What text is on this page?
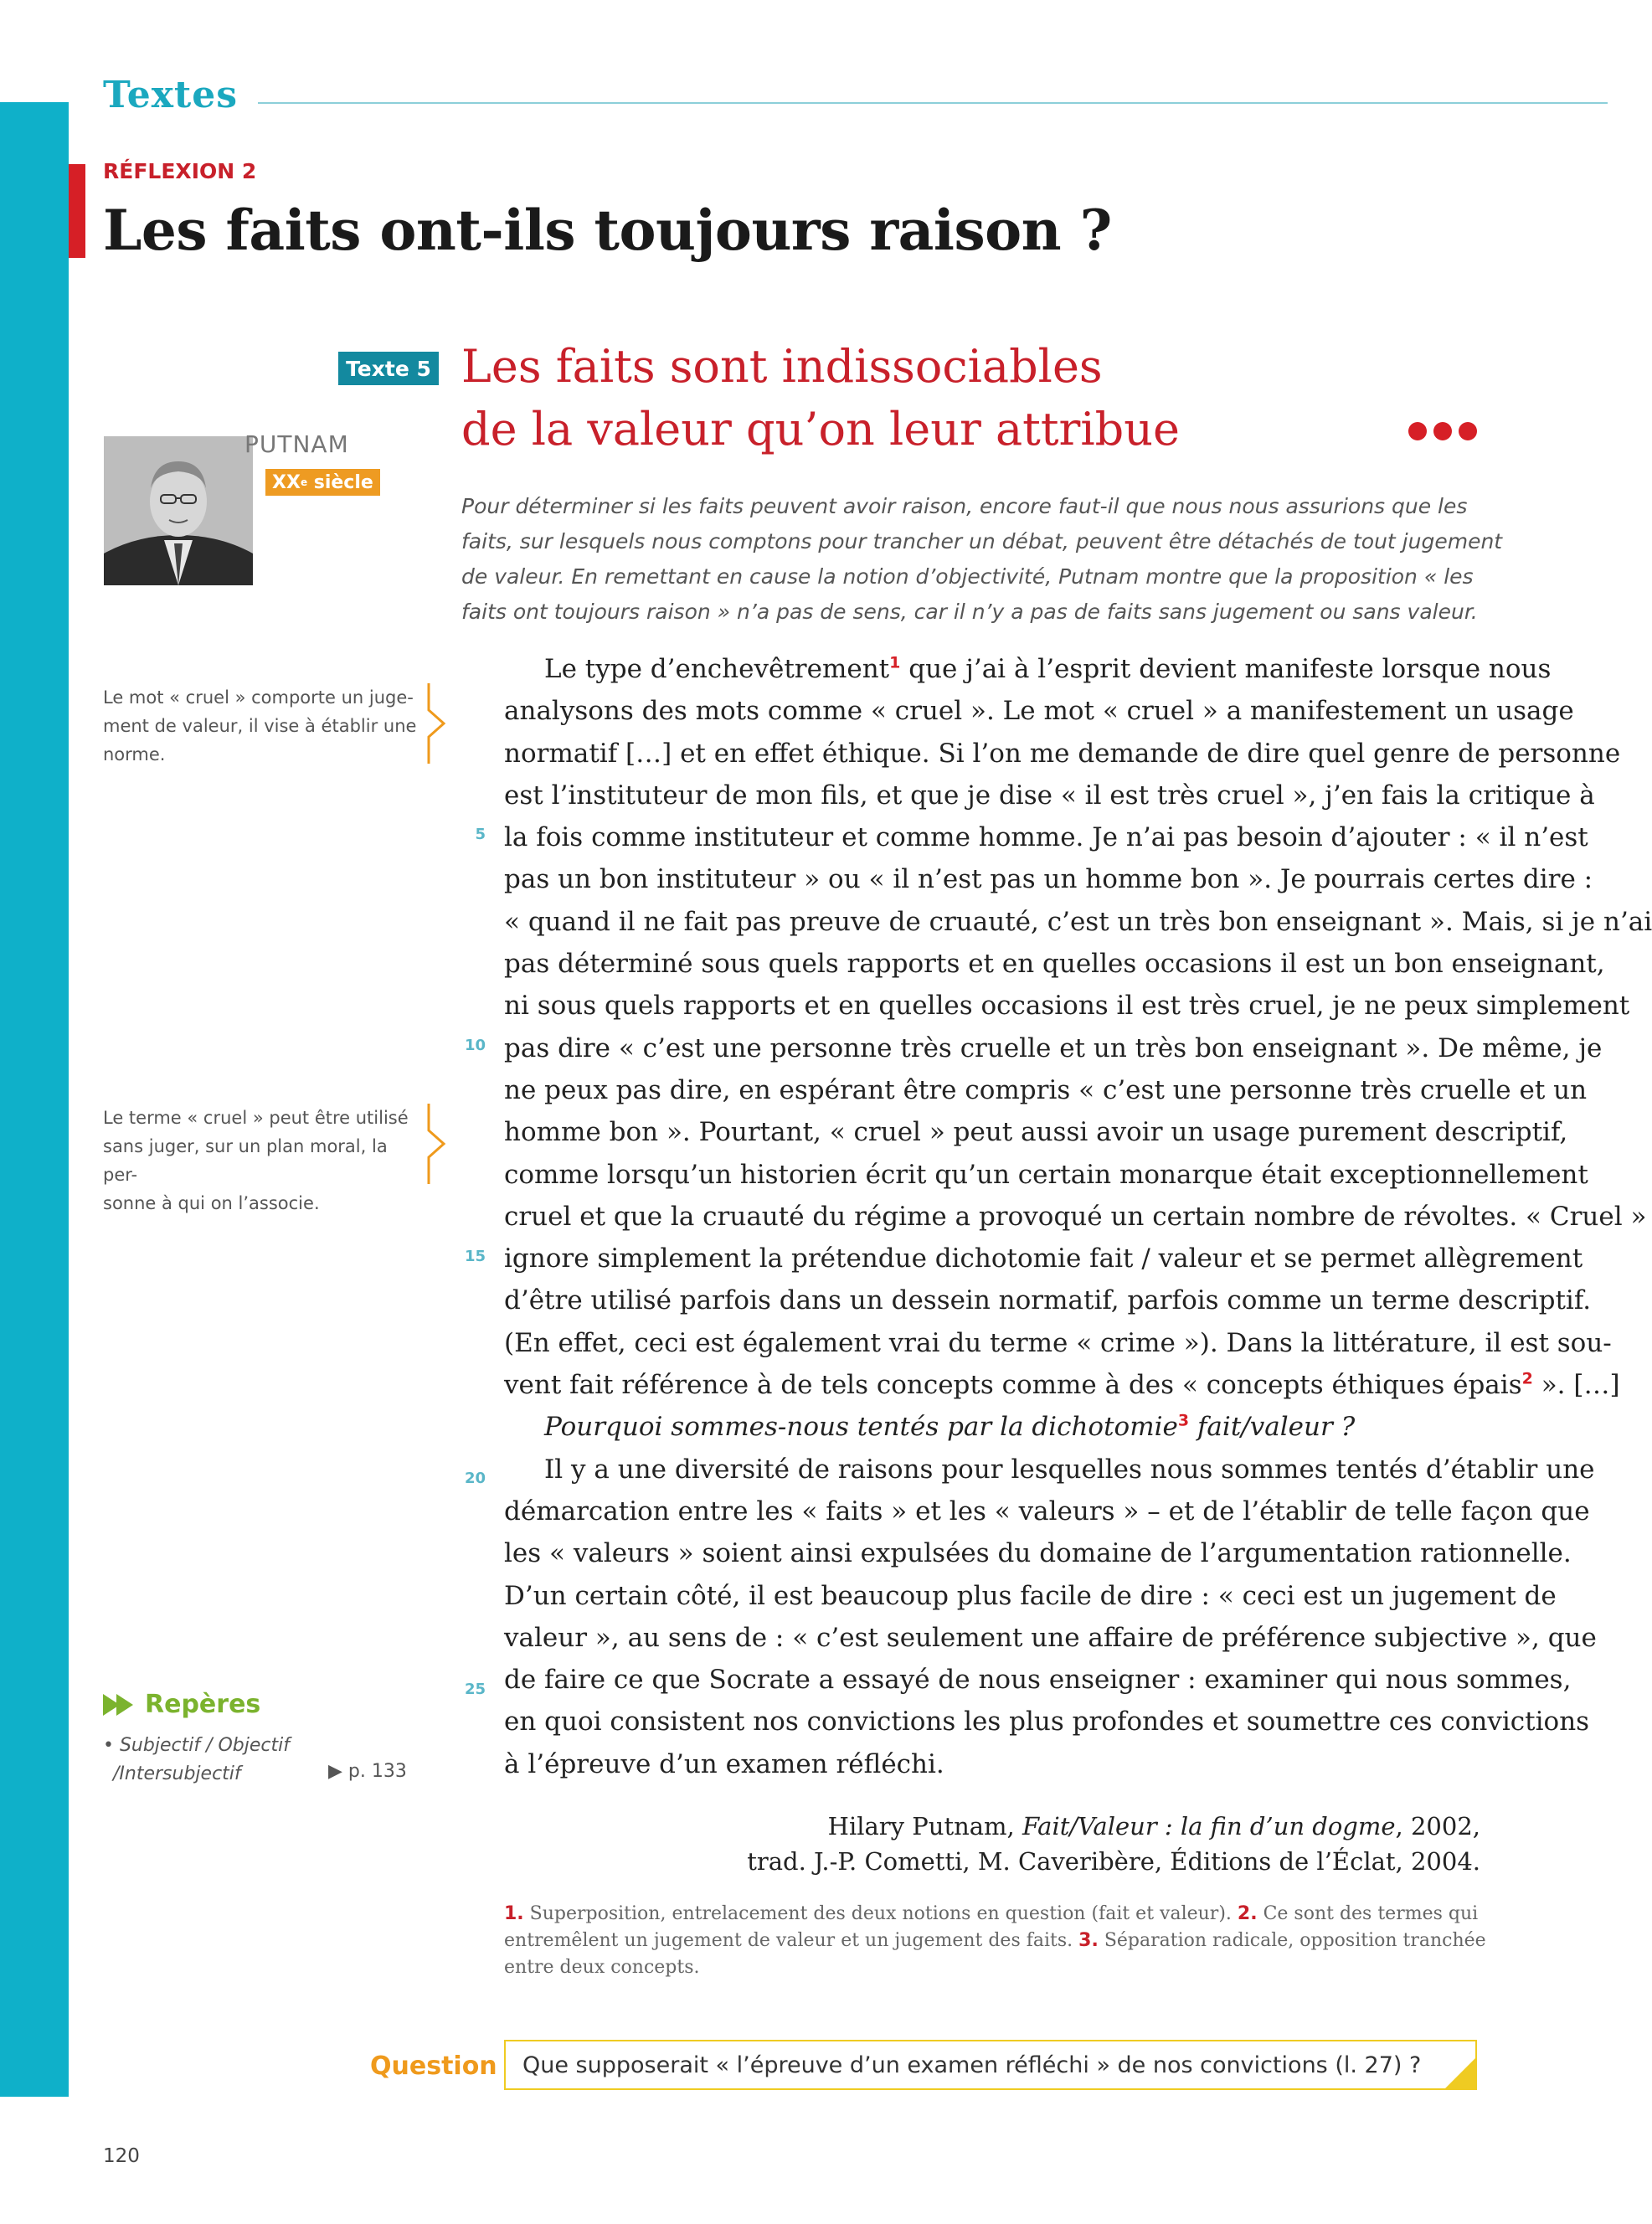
Textes
RÉFLEXION 2
Les faits ont-ils toujours raison ?
Texte 5 Les faits sont indissociables
de la valeur qu’on leur attribue
PUTNAM
XX e
siècle
Pour déterminer si les faits peuvent avoir raison, encore faut-il que nous nous assurions que les
faits, sur lesquels nous comptons pour trancher un débat, peuvent être détachés de tout jugement
de valeur. En remettant en cause la notion d’objectivité, Putnam montre que la proposition « les
faits ont toujours raison » n’a pas de sens, car il n’y a pas de faits sans jugement ou sans valeur.
5
10
15
20
25
Le type d’enchevêtrement$^1$ que j’ai à l’esprit devient manifeste lorsque nous
analysons des mots comme « cruel ». Le mot « cruel » a manifestement un usage
normatif […] et en effet éthique. Si l’on me demande de dire quel genre de personne
est l’instituteur de mon fils, et que je dise « il est très cruel », j’en fais la critique à
la fois comme instituteur et comme homme. Je n’ai pas besoin d’ajouter : « il n’est
pas un bon instituteur » ou « il n’est pas un homme bon ». Je pourrais certes dire :
« quand il ne fait pas preuve de cruauté, c’est un très bon enseignant ». Mais, si je n’ai
pas déterminé sous quels rapports et en quelles occasions il est un bon enseignant,
ni sous quels rapports et en quelles occasions il est très cruel, je ne peux simplement
pas dire « c’est une personne très cruelle et un très bon enseignant ». De même, je
ne peux pas dire, en espérant être compris « c’est une personne très cruelle et un
homme bon ». Pourtant, « cruel » peut aussi avoir un usage purement descriptif,
comme lorsqu’un historien écrit qu’un certain monarque était exceptionnellement
cruel et que la cruauté du régime a provoqué un certain nombre de révoltes. « Cruel »
ignore simplement la prétendue dichotomie fait / valeur et se permet allègrement
d’être utilisé parfois dans un dessein normatif, parfois comme un terme descriptif.
(En effet, ceci est également vrai du terme « crime »). Dans la littérature, il est sou-
vent fait référence à de tels concepts comme à des « concepts éthiques épais$^2$ ». […]
Pourquoi sommes-nous tentés par la dichotomie$^3$ fait/valeur ?
Il y a une diversité de raisons pour lesquelles nous sommes tentés d’établir une
démarcation entre les « faits » et les « valeurs » – et de l’établir de telle façon que
les « valeurs » soient ainsi expulsées du domaine de l’argumentation rationnelle.
D’un certain côté, il est beaucoup plus facile de dire : « ceci est un jugement de
valeur », au sens de : « c’est seulement une affaire de préférence subjective », que
de faire ce que Socrate a essayé de nous enseigner : examiner qui nous sommes,
en quoi consistent nos convictions les plus profondes et soumettre ces convictions
à l’épreuve d’un examen réfléchi.
Le mot « cruel » comporte un juge-
ment de valeur, il vise à établir une
norme.
Le terme « cruel » peut être utilisé
sans juger, sur un plan moral, la per-
sonne à qui on l’associe.
Repères
• Subjectif / Objectif
/Intersubjectif	▶ p. 133
Hilary Putnam, Fait/Valeur : la fin d’un dogme, 2002,
trad. J.-P. Cometti, M. Caveribère, Éditions de l’Éclat, 2004.
1. Superposition, entrelacement des deux notions en question (fait et valeur). 2. Ce sont des termes qui
entremêlent un jugement de valeur et un jugement des faits. 3. Séparation radicale, opposition tranchée
entre deux concepts.
Question Que supposerait « l’épreuve d’un examen réfléchi » de nos convictions (l. 27) ?
120
